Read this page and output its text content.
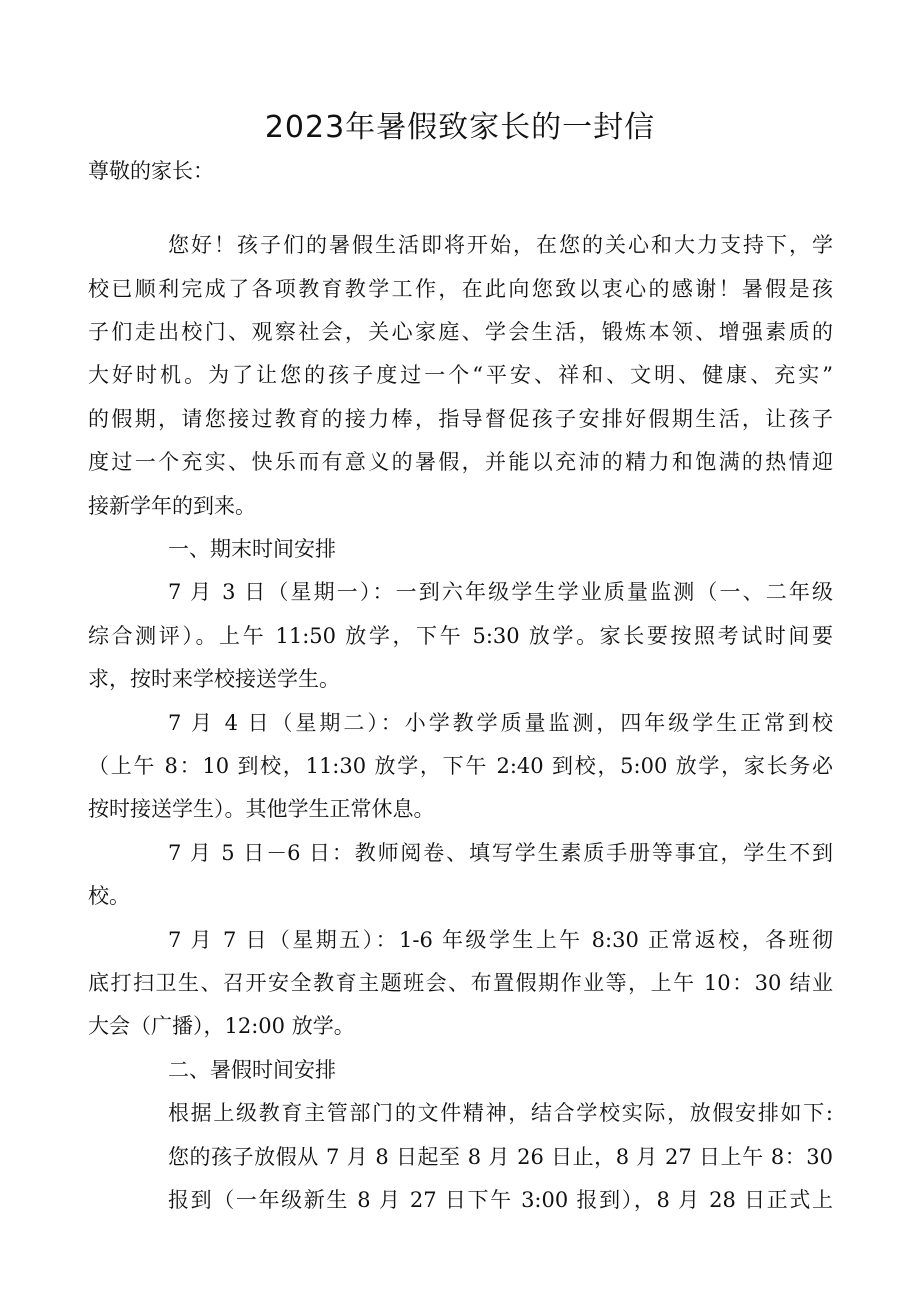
2023年暑假致家长的一封信
尊敬的家长：
您好！孩子们的暑假生活即将开始，在您的关心和大力支持下，学
校已顺利完成了各项教育教学工作，在此向您致以衷心的感谢！暑假是孩
子们走出校门、观察社会，关心家庭、学会生活，锻炼本领、增强素质的
大好时机。为了让您的孩子度过一个“平安、祥和、文明、健康、充实”
的假期，请您接过教育的接力棒，指导督促孩子安排好假期生活，让孩子
度过一个充实、快乐而有意义的暑假，并能以充沛的精力和饱满的热情迎
接新学年的到来。
一、期末时间安排
7 月 3 日（星期一）：一到六年级学生学业质量监测（一、二年级
综合测评）。上午 11:50 放学，下午 5:30 放学。家长要按照考试时间要
求，按时来学校接送学生。
7 月 4 日（星期二）：小学教学质量监测，四年级学生正常到校
（上午 8：10 到校，11:30 放学，下午 2:40 到校，5:00 放学，家长务必
按时接送学生）。其他学生正常休息。
7 月 5 日－6 日：教师阅卷、填写学生素质手册等事宜，学生不到
校。
7 月 7 日（星期五）：1-6 年级学生上午 8:30 正常返校，各班彻
底打扫卫生、召开安全教育主题班会、布置假期作业等，上午 10：30 结业
大会（广播），12:00 放学。
二、暑假时间安排
根据上级教育主管部门的文件精神，结合学校实际，放假安排如下:
您的孩子放假从 7 月 8 日起至 8 月 26 日止，8 月 27 日上午 8：30
报到（一年级新生 8 月 27 日下午 3:00 报到），8 月 28 日正式上
